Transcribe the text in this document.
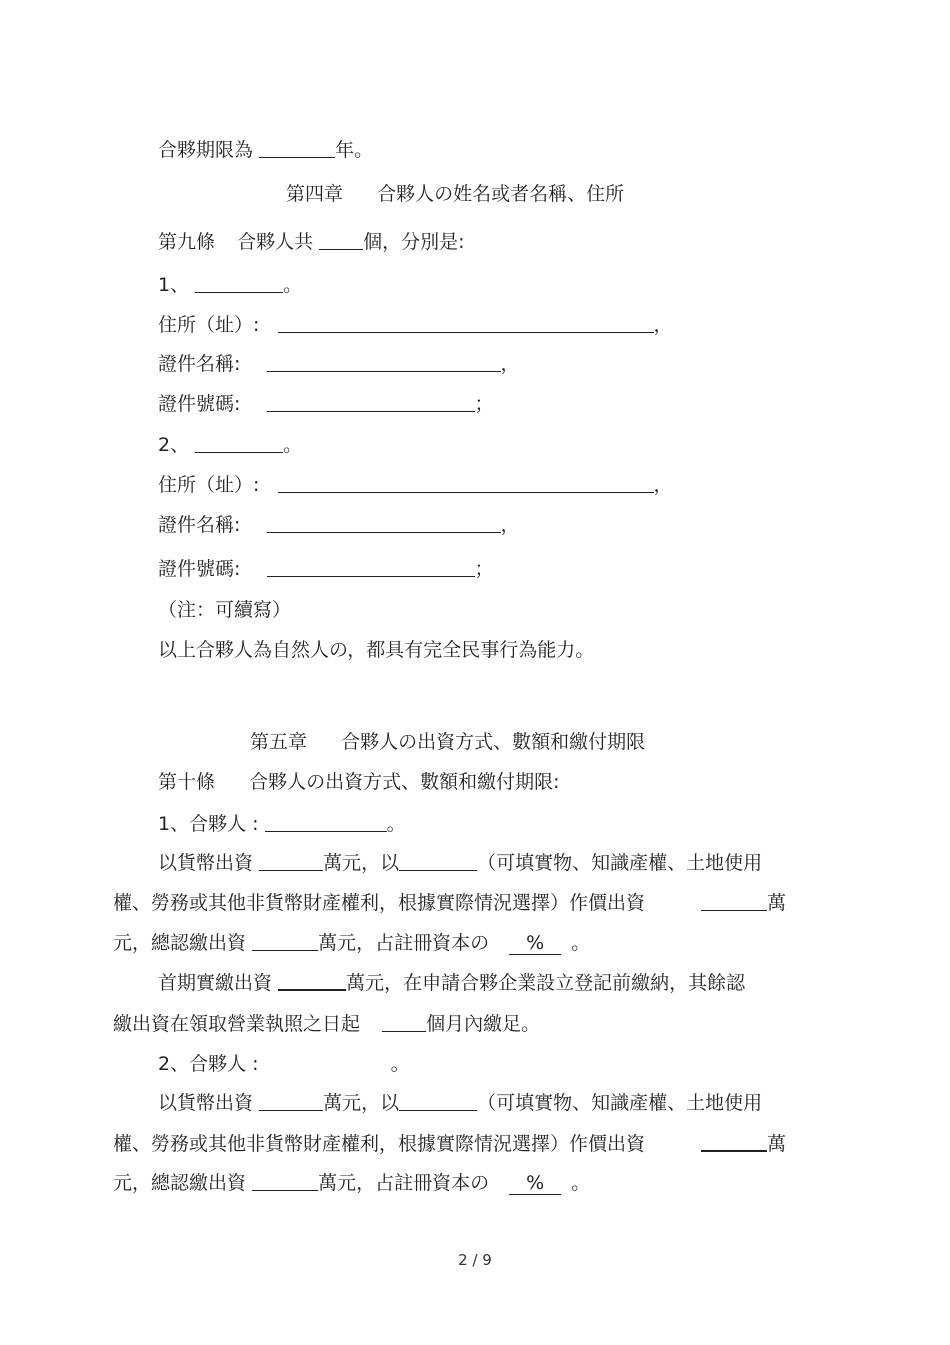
合夥期限為	年。
第四章 合夥人の姓名或者名稱、住所
第九條 合夥人共	個，分別是:
1、	。
住所（址）:	，
證件名稱:	，
證件號碼:	；
2、	。
住所（址）:	，
證件名稱:	，
證件號碼:	；
（注：可續寫）
以上合夥人為自然人の，都具有完全民事行為能力。
第五章 合夥人の出資方式、數額和繳付期限
第十條 合夥人の出資方式、數額和繳付期限:
1、合夥人 :	。
以貨幣出資	萬元，以	（可填實物、知識產權、土地使用
權、勞務或其他非貨幣財產權利，根據實際情況選擇）作價出資	萬
元，總認繳出資	萬元，占註冊資本の % 。
首期實繳出資	萬元，在申請合夥企業設立登記前繳納，其餘認
繳出資在領取營業執照之日起	個月內繳足。
2、合夥人 :	。
以貨幣出資	萬元，以	（可填實物、知識產權、土地使用
權、勞務或其他非貨幣財產權利，根據實際情況選擇）作價出資	萬
元，總認繳出資	萬元，占註冊資本の % 。
2 / 9
